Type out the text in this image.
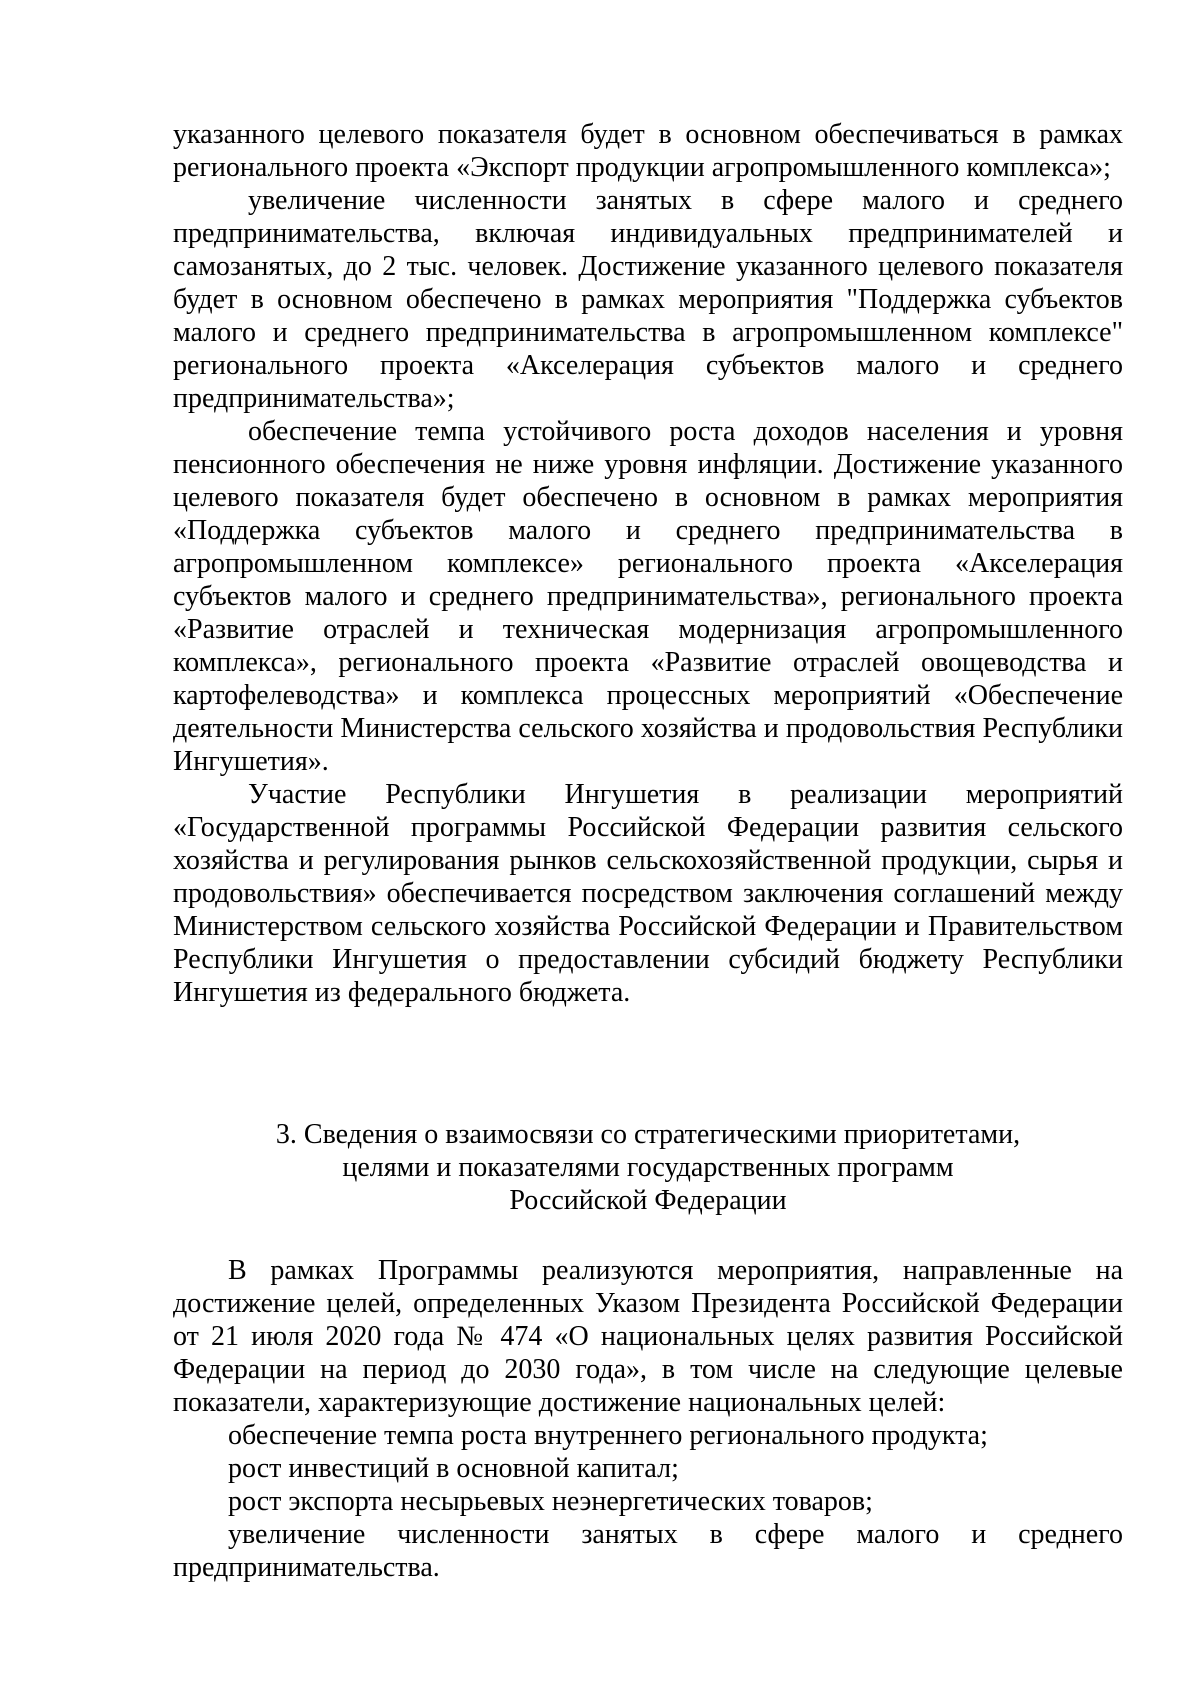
указанного целевого показателя будет в основном обеспечиваться в рамках регионального проекта «Экспорт продукции агропромышленного комплекса»;

увеличение численности занятых в сфере малого и среднего предпринимательства, включая индивидуальных предпринимателей и самозанятых, до 2 тыс. человек. Достижение указанного целевого показателя будет в основном обеспечено в рамках мероприятия "Поддержка субъектов малого и среднего предпринимательства в агропромышленном комплексе" регионального проекта «Акселерация субъектов малого и среднего предпринимательства»;

обеспечение темпа устойчивого роста доходов населения и уровня пенсионного обеспечения не ниже уровня инфляции. Достижение указанного целевого показателя будет обеспечено в основном в рамках мероприятия «Поддержка субъектов малого и среднего предпринимательства в агропромышленном комплексе» регионального проекта «Акселерация субъектов малого и среднего предпринимательства», регионального проекта «Развитие отраслей и техническая модернизация агропромышленного комплекса», регионального проекта «Развитие отраслей овощеводства и картофелеводства» и комплекса процессных мероприятий «Обеспечение деятельности Министерства сельского хозяйства и продовольствия Республики Ингушетия».

Участие Республики Ингушетия в реализации мероприятий «Государственной программы Российской Федерации развития сельского хозяйства и регулирования рынков сельскохозяйственной продукции, сырья и продовольствия» обеспечивается посредством заключения соглашений между Министерством сельского хозяйства Российской Федерации и Правительством Республики Ингушетия о предоставлении субсидий бюджету Республики Ингушетия из федерального бюджета.

3. Сведения о взаимосвязи со стратегическими приоритетами,
целями и показателями государственных программ
Российской Федерации

В рамках Программы реализуются мероприятия, направленные на достижение целей, определенных Указом Президента Российской Федерации от 21 июля 2020 года № 474 «О национальных целях развития Российской Федерации на период до 2030 года», в том числе на следующие целевые показатели, характеризующие достижение национальных целей:

обеспечение темпа роста внутреннего регионального продукта;

рост инвестиций в основной капитал;

рост экспорта несырьевых неэнергетических товаров;

увеличение численности занятых в сфере малого и среднего предпринимательства.
